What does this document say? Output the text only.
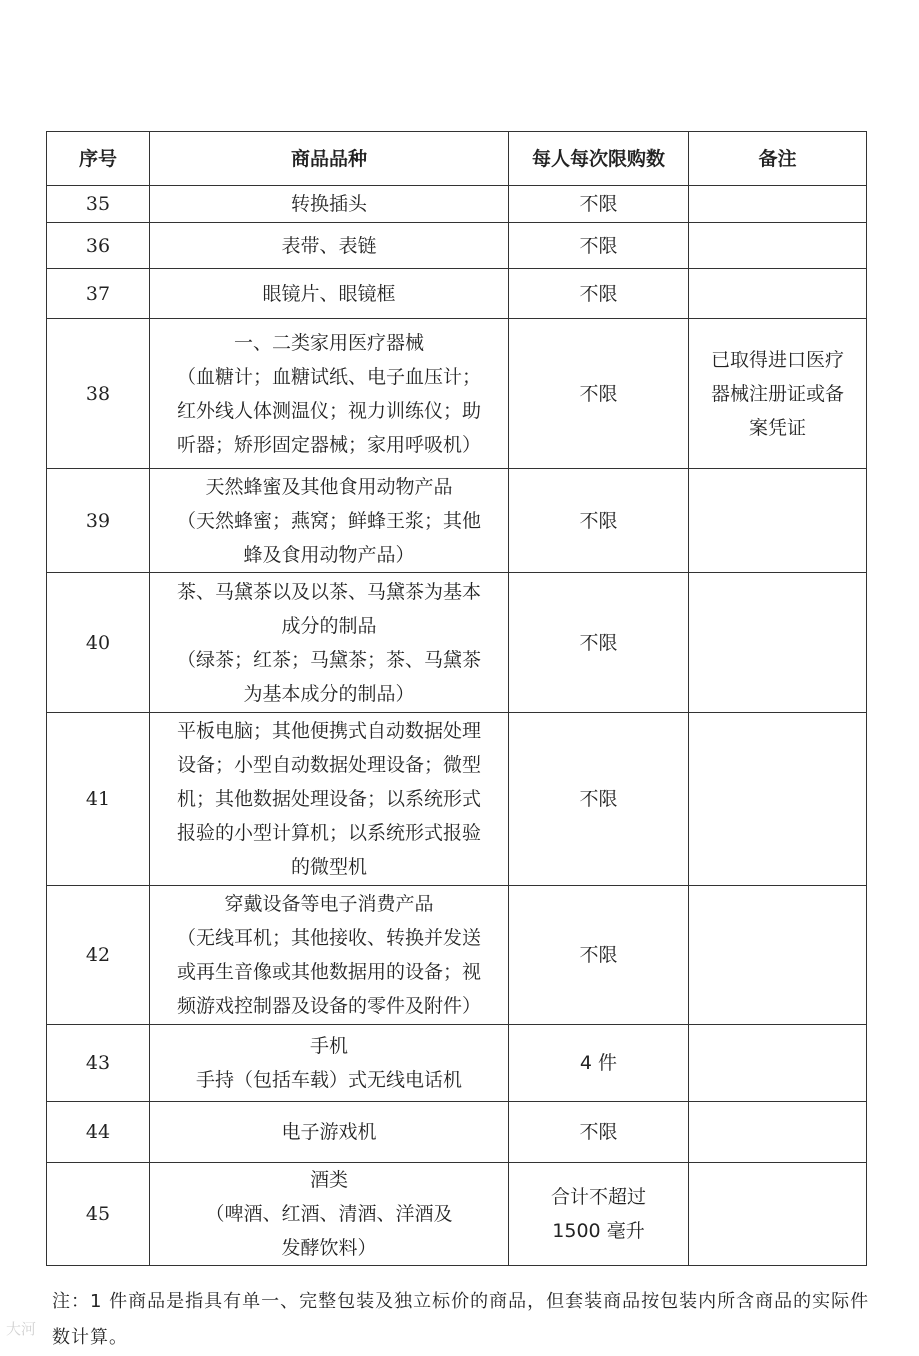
序号	商品品种	每人每次限购数	备注
35	转换插头	不限	

36	表带、表链	不限	

37	眼镜片、眼镜框	不限	

38	一、二类家用医疗器械
（血糖计；血糖试纸、电子血压计；
红外线人体测温仪；视力训练仪；助
听器；矫形固定器械；家用呼吸机）	不限	已取得进口医疗
器械注册证或备
案凭证

39	天然蜂蜜及其他食用动物产品
（天然蜂蜜；燕窝；鲜蜂王浆；其他
蜂及食用动物产品）	不限	

40	茶、马黛茶以及以茶、马黛茶为基本
成分的制品
（绿茶；红茶；马黛茶；茶、马黛茶
为基本成分的制品）	不限	

41	平板电脑；其他便携式自动数据处理
设备；小型自动数据处理设备；微型
机；其他数据处理设备；以系统形式
报验的小型计算机；以系统形式报验
的微型机	不限	

42	穿戴设备等电子消费产品
（无线耳机；其他接收、转换并发送
或再生音像或其他数据用的设备；视
频游戏控制器及设备的零件及附件）	不限	

43	手机
手持（包括车载）式无线电话机	4 件	

44	电子游戏机	不限	

45	酒类
（啤酒、红酒、清酒、洋酒及
发酵饮料）	合计不超过
1500 毫升	

注：1 件商品是指具有单一、完整包装及独立标价的商品，但套装商品按包装内所含商品的实际件数计算。
大河
